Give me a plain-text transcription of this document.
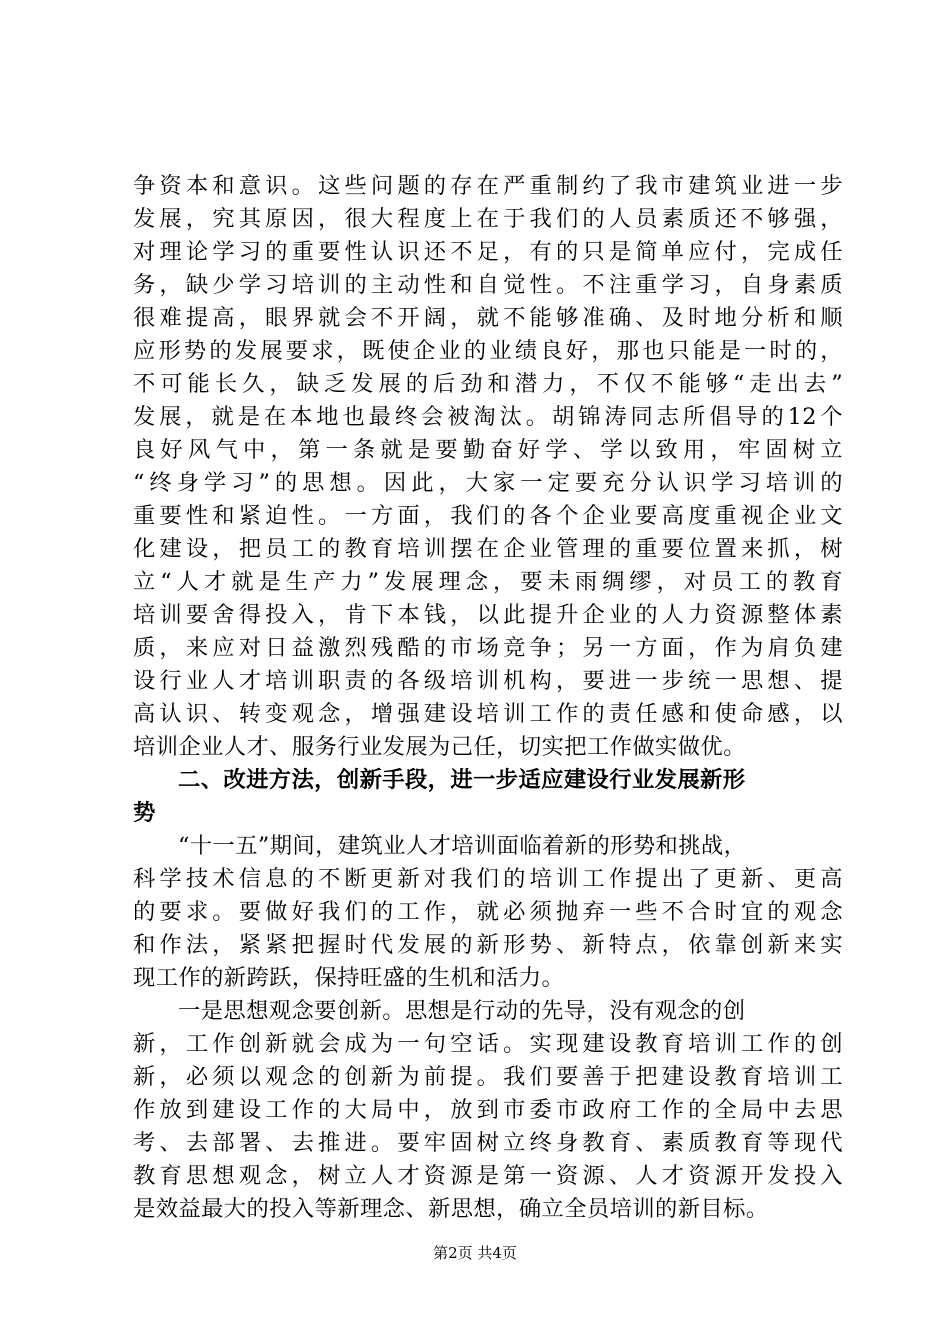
争资本和意识。这些问题的存在严重制约了我市建筑业进一步
发展，究其原因，很大程度上在于我们的人员素质还不够强，
对理论学习的重要性认识还不足，有的只是简单应付，完成任
务，缺少学习培训的主动性和自觉性。不注重学习，自身素质
很难提高，眼界就会不开阔，就不能够准确、及时地分析和顺
应形势的发展要求，既使企业的业绩良好，那也只能是一时的，
不可能长久，缺乏发展的后劲和潜力，不仅不能够“走出去”
发展，就是在本地也最终会被淘汰。胡锦涛同志所倡导的12个
良好风气中，第一条就是要勤奋好学、学以致用，牢固树立
“终身学习”的思想。因此，大家一定要充分认识学习培训的
重要性和紧迫性。一方面，我们的各个企业要高度重视企业文
化建设，把员工的教育培训摆在企业管理的重要位置来抓，树
立“人才就是生产力”发展理念，要未雨绸缪，对员工的教育
培训要舍得投入，肯下本钱，以此提升企业的人力资源整体素
质，来应对日益激烈残酷的市场竞争；另一方面，作为肩负建
设行业人才培训职责的各级培训机构，要进一步统一思想、提
高认识、转变观念，增强建设培训工作的责任感和使命感，以
培训企业人才、服务行业发展为己任，切实把工作做实做优。
二、改进方法，创新手段，进一步适应建设行业发展新形
势
“十一五”期间，建筑业人才培训面临着新的形势和挑战，
科学技术信息的不断更新对我们的培训工作提出了更新、更高
的要求。要做好我们的工作，就必须抛弃一些不合时宜的观念
和作法，紧紧把握时代发展的新形势、新特点，依靠创新来实
现工作的新跨跃，保持旺盛的生机和活力。
一是思想观念要创新。思想是行动的先导，没有观念的创
新，工作创新就会成为一句空话。实现建设教育培训工作的创
新，必须以观念的创新为前提。我们要善于把建设教育培训工
作放到建设工作的大局中，放到市委市政府工作的全局中去思
考、去部署、去推进。要牢固树立终身教育、素质教育等现代
教育思想观念，树立人才资源是第一资源、人才资源开发投入
是效益最大的投入等新理念、新思想，确立全员培训的新目标。
第2页 共4页
